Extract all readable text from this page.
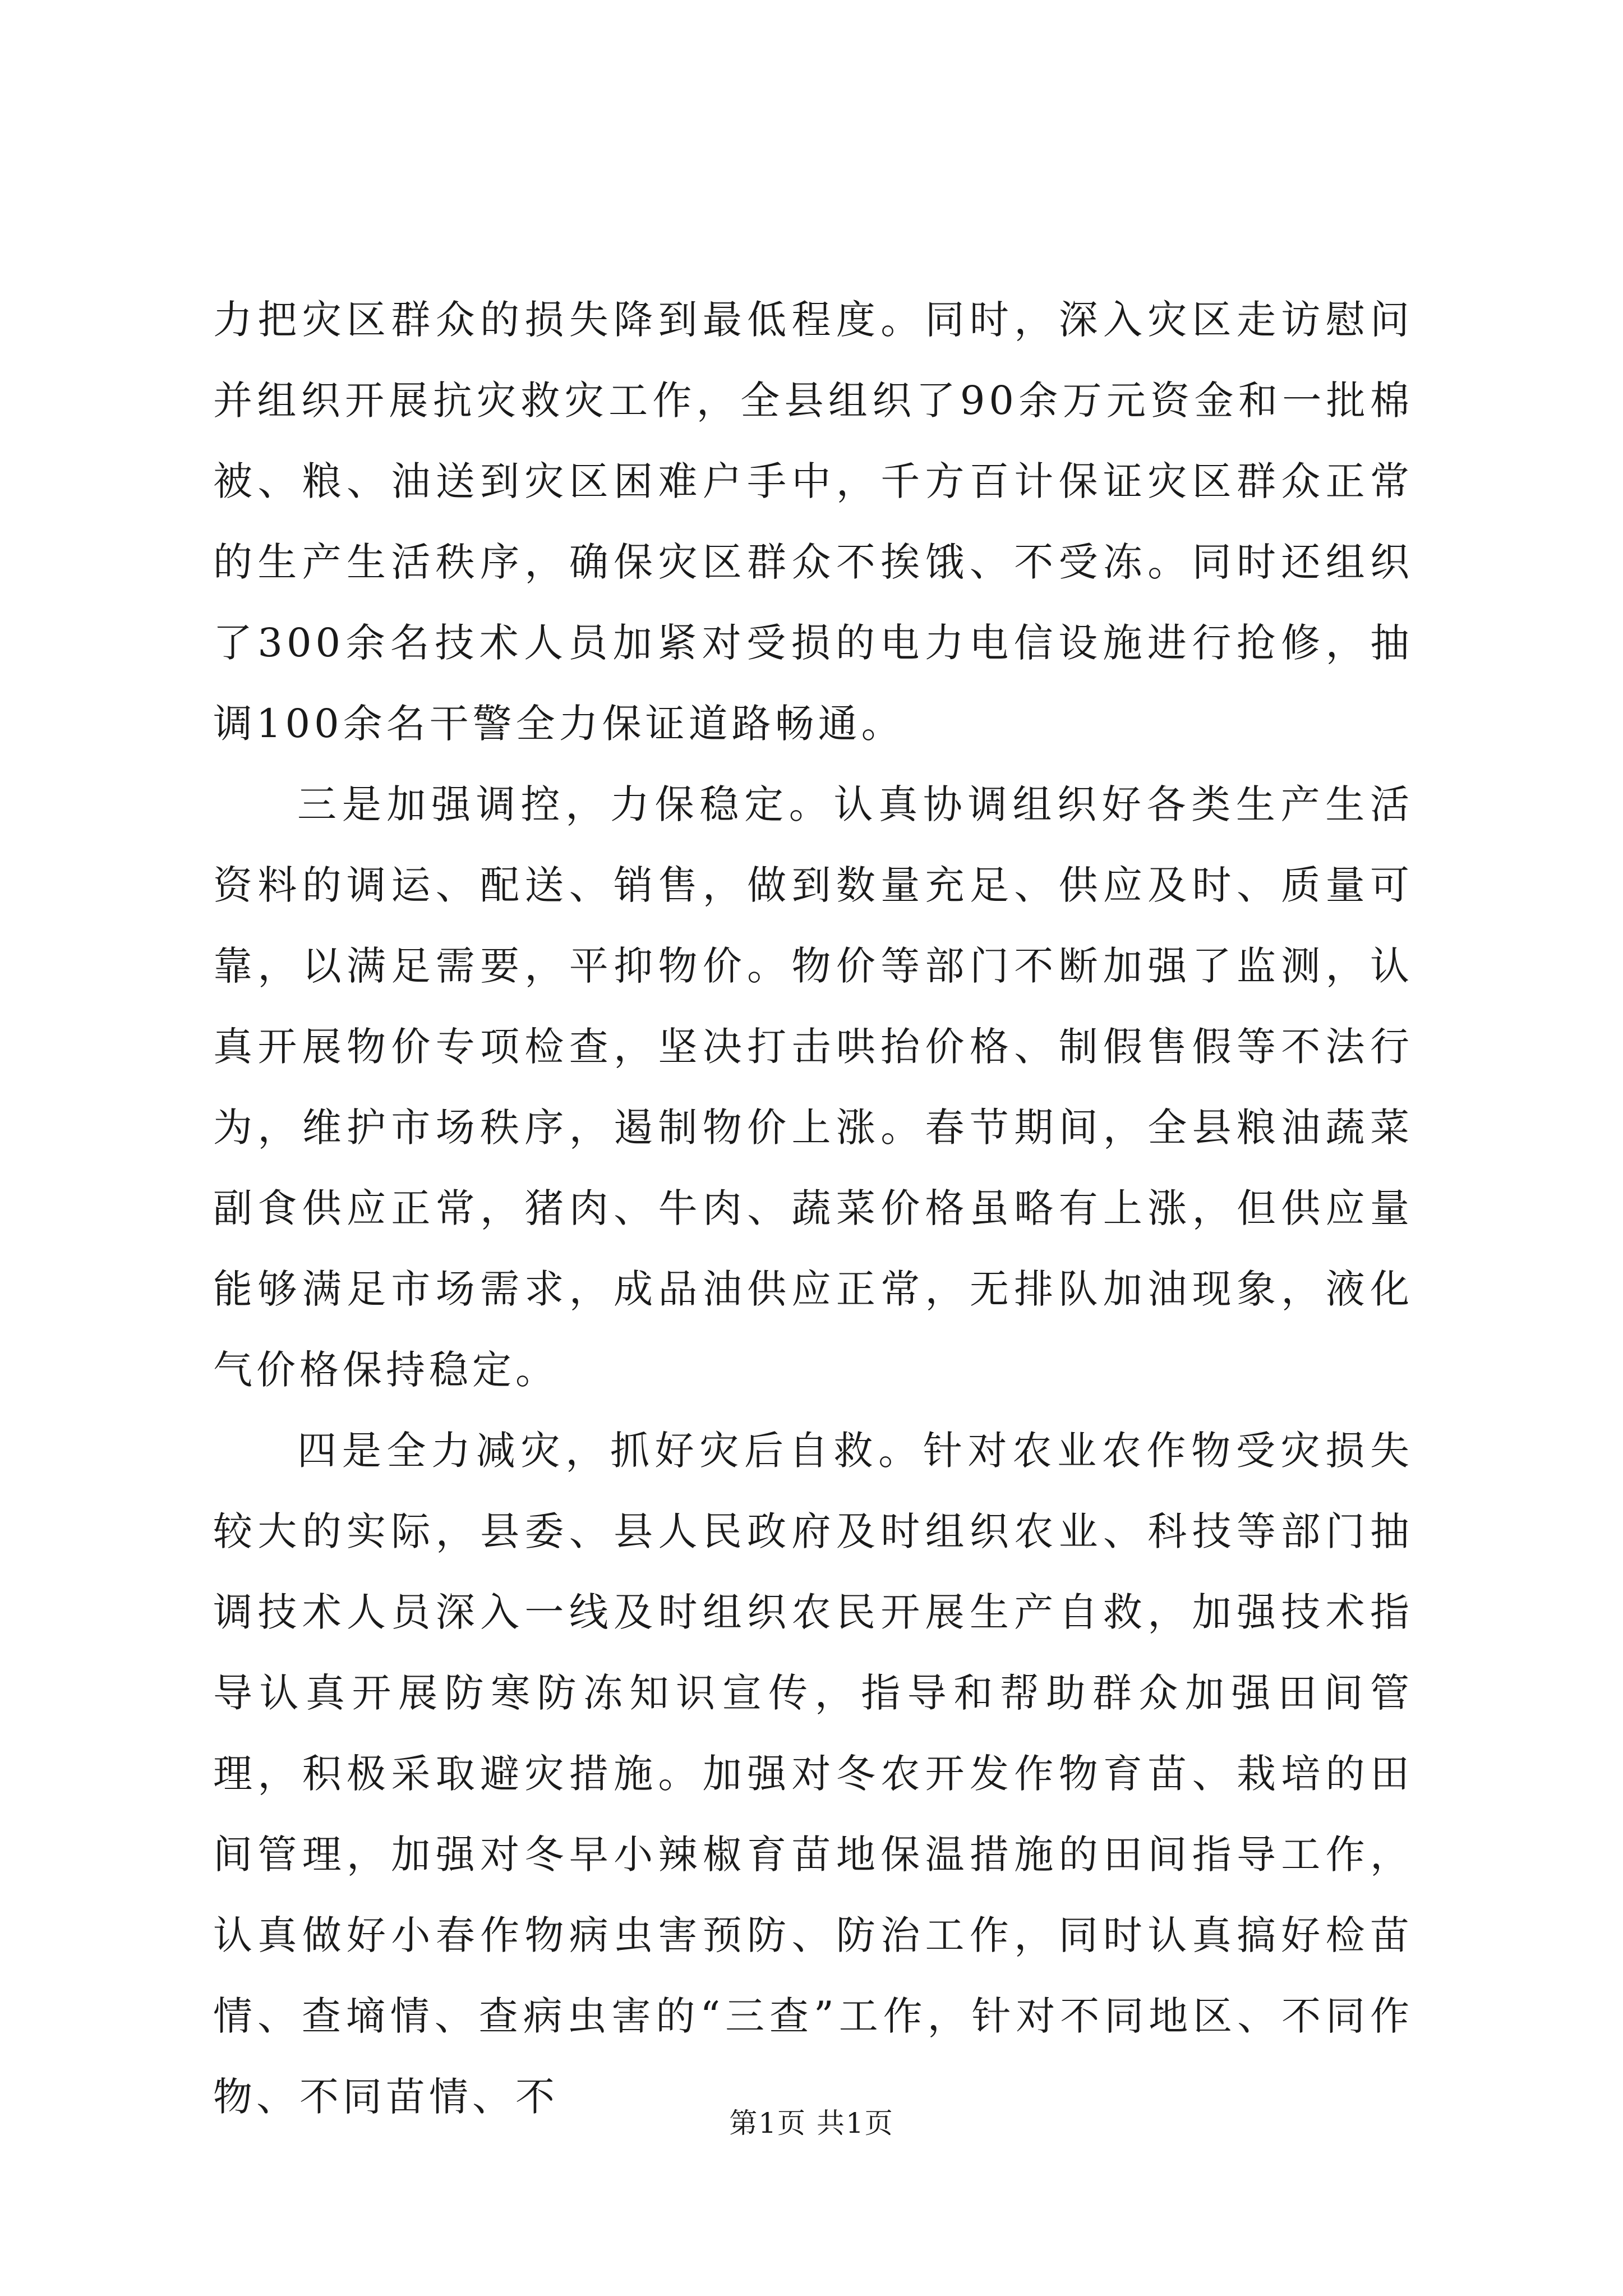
力把灾区群众的损失降到最低程度。同时，深入灾区走访慰问并组织开展抗灾救灾工作，全县组织了90余万元资金和一批棉被、粮、油送到灾区困难户手中，千方百计保证灾区群众正常的生产生活秩序，确保灾区群众不挨饿、不受冻。同时还组织了300余名技术人员加紧对受损的电力电信设施进行抢修，抽调100余名干警全力保证道路畅通。

三是加强调控，力保稳定。认真协调组织好各类生产生活资料的调运、配送、销售，做到数量充足、供应及时、质量可靠，以满足需要，平抑物价。物价等部门不断加强了监测，认真开展物价专项检查，坚决打击哄抬价格、制假售假等不法行为，维护市场秩序，遏制物价上涨。春节期间，全县粮油蔬菜副食供应正常，猪肉、牛肉、蔬菜价格虽略有上涨，但供应量能够满足市场需求，成品油供应正常，无排队加油现象，液化气价格保持稳定。

四是全力减灾，抓好灾后自救。针对农业农作物受灾损失较大的实际，县委、县人民政府及时组织农业、科技等部门抽调技术人员深入一线及时组织农民开展生产自救，加强技术指导认真开展防寒防冻知识宣传，指导和帮助群众加强田间管理，积极采取避灾措施。加强对冬农开发作物育苗、栽培的田间管理，加强对冬早小辣椒育苗地保温措施的田间指导工作，认真做好小春作物病虫害预防、防治工作，同时认真搞好检苗情、查墒情、查病虫害的“三查”工作，针对不同地区、不同作物、不同苗情、不

第1页 共1页
